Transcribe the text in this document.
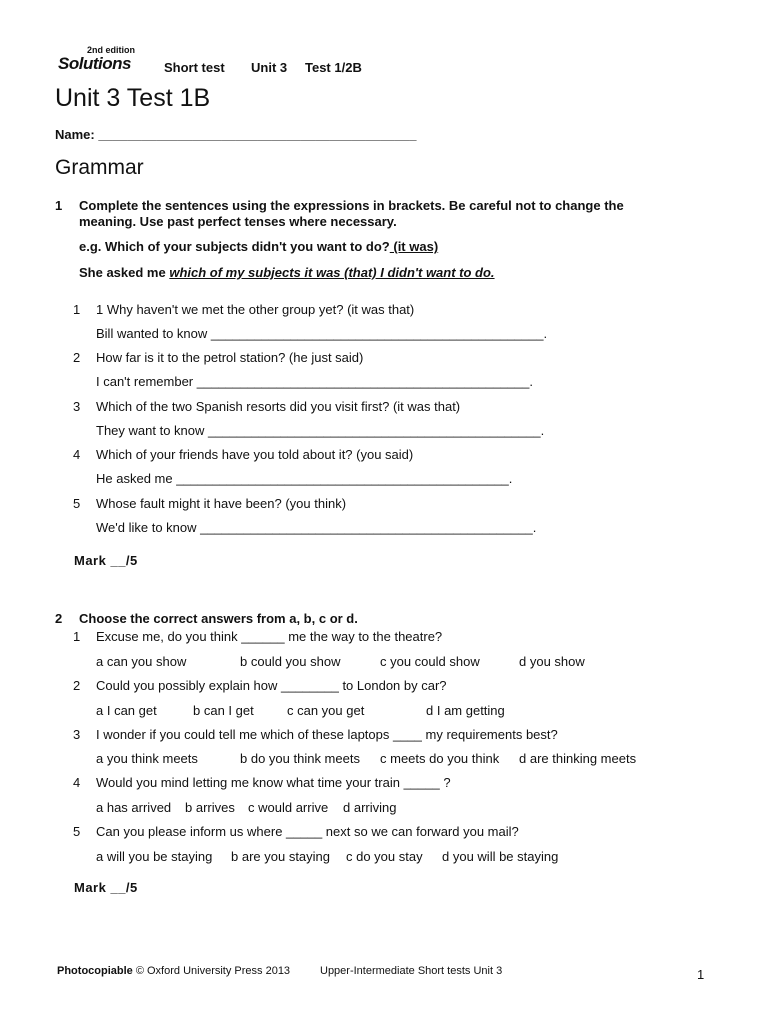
2nd edition
Solutions	Short test Unit 3 Test 1/2B
Unit 3 Test 1B
Name: ____________________________________________
Grammar
1 Complete the sentences using the expressions in brackets. Be careful not to change the
meaning. Use past perfect tenses where necessary.
e.g. Which of your subjects didn't you want to do? (it was)
She asked me which of my subjects it was (that) I didn't want to do.
1 1 Why haven't we met the other group yet? (it was that)
Bill wanted to know ______________________________________________.
2 How far is it to the petrol station? (he just said)
I can't remember ______________________________________________.
3 Which of the two Spanish resorts did you visit first? (it was that)
They want to know ______________________________________________.
4 Which of your friends have you told about it? (you said)
He asked me ______________________________________________.
5 Whose fault might it have been? (you think)
We'd like to know ______________________________________________.
Mark __/5
2 Choose the correct answers from a, b, c or d.
1 Excuse me, do you think ______ me the way to the theatre?
a can you show	b could you show	c you could show	d you show
2 Could you possibly explain how ________ to London by car?
a I can get	b can I get	c can you get	d I am getting
3 I wonder if you could tell me which of these laptops ____ my requirements best?
a you think meets	b do you think meets c meets do you think d are thinking meets
4 Would you mind letting me know what time your train _____ ?
a has arrived b arrives c would arrive d arriving
5 Can you please inform us where _____ next so we can forward you mail?
a will you be staying b are you staying c do you stay d you will be staying
Mark __/5
Photocopiable © Oxford University Press 2013	Upper-Intermediate Short tests Unit 3	1
